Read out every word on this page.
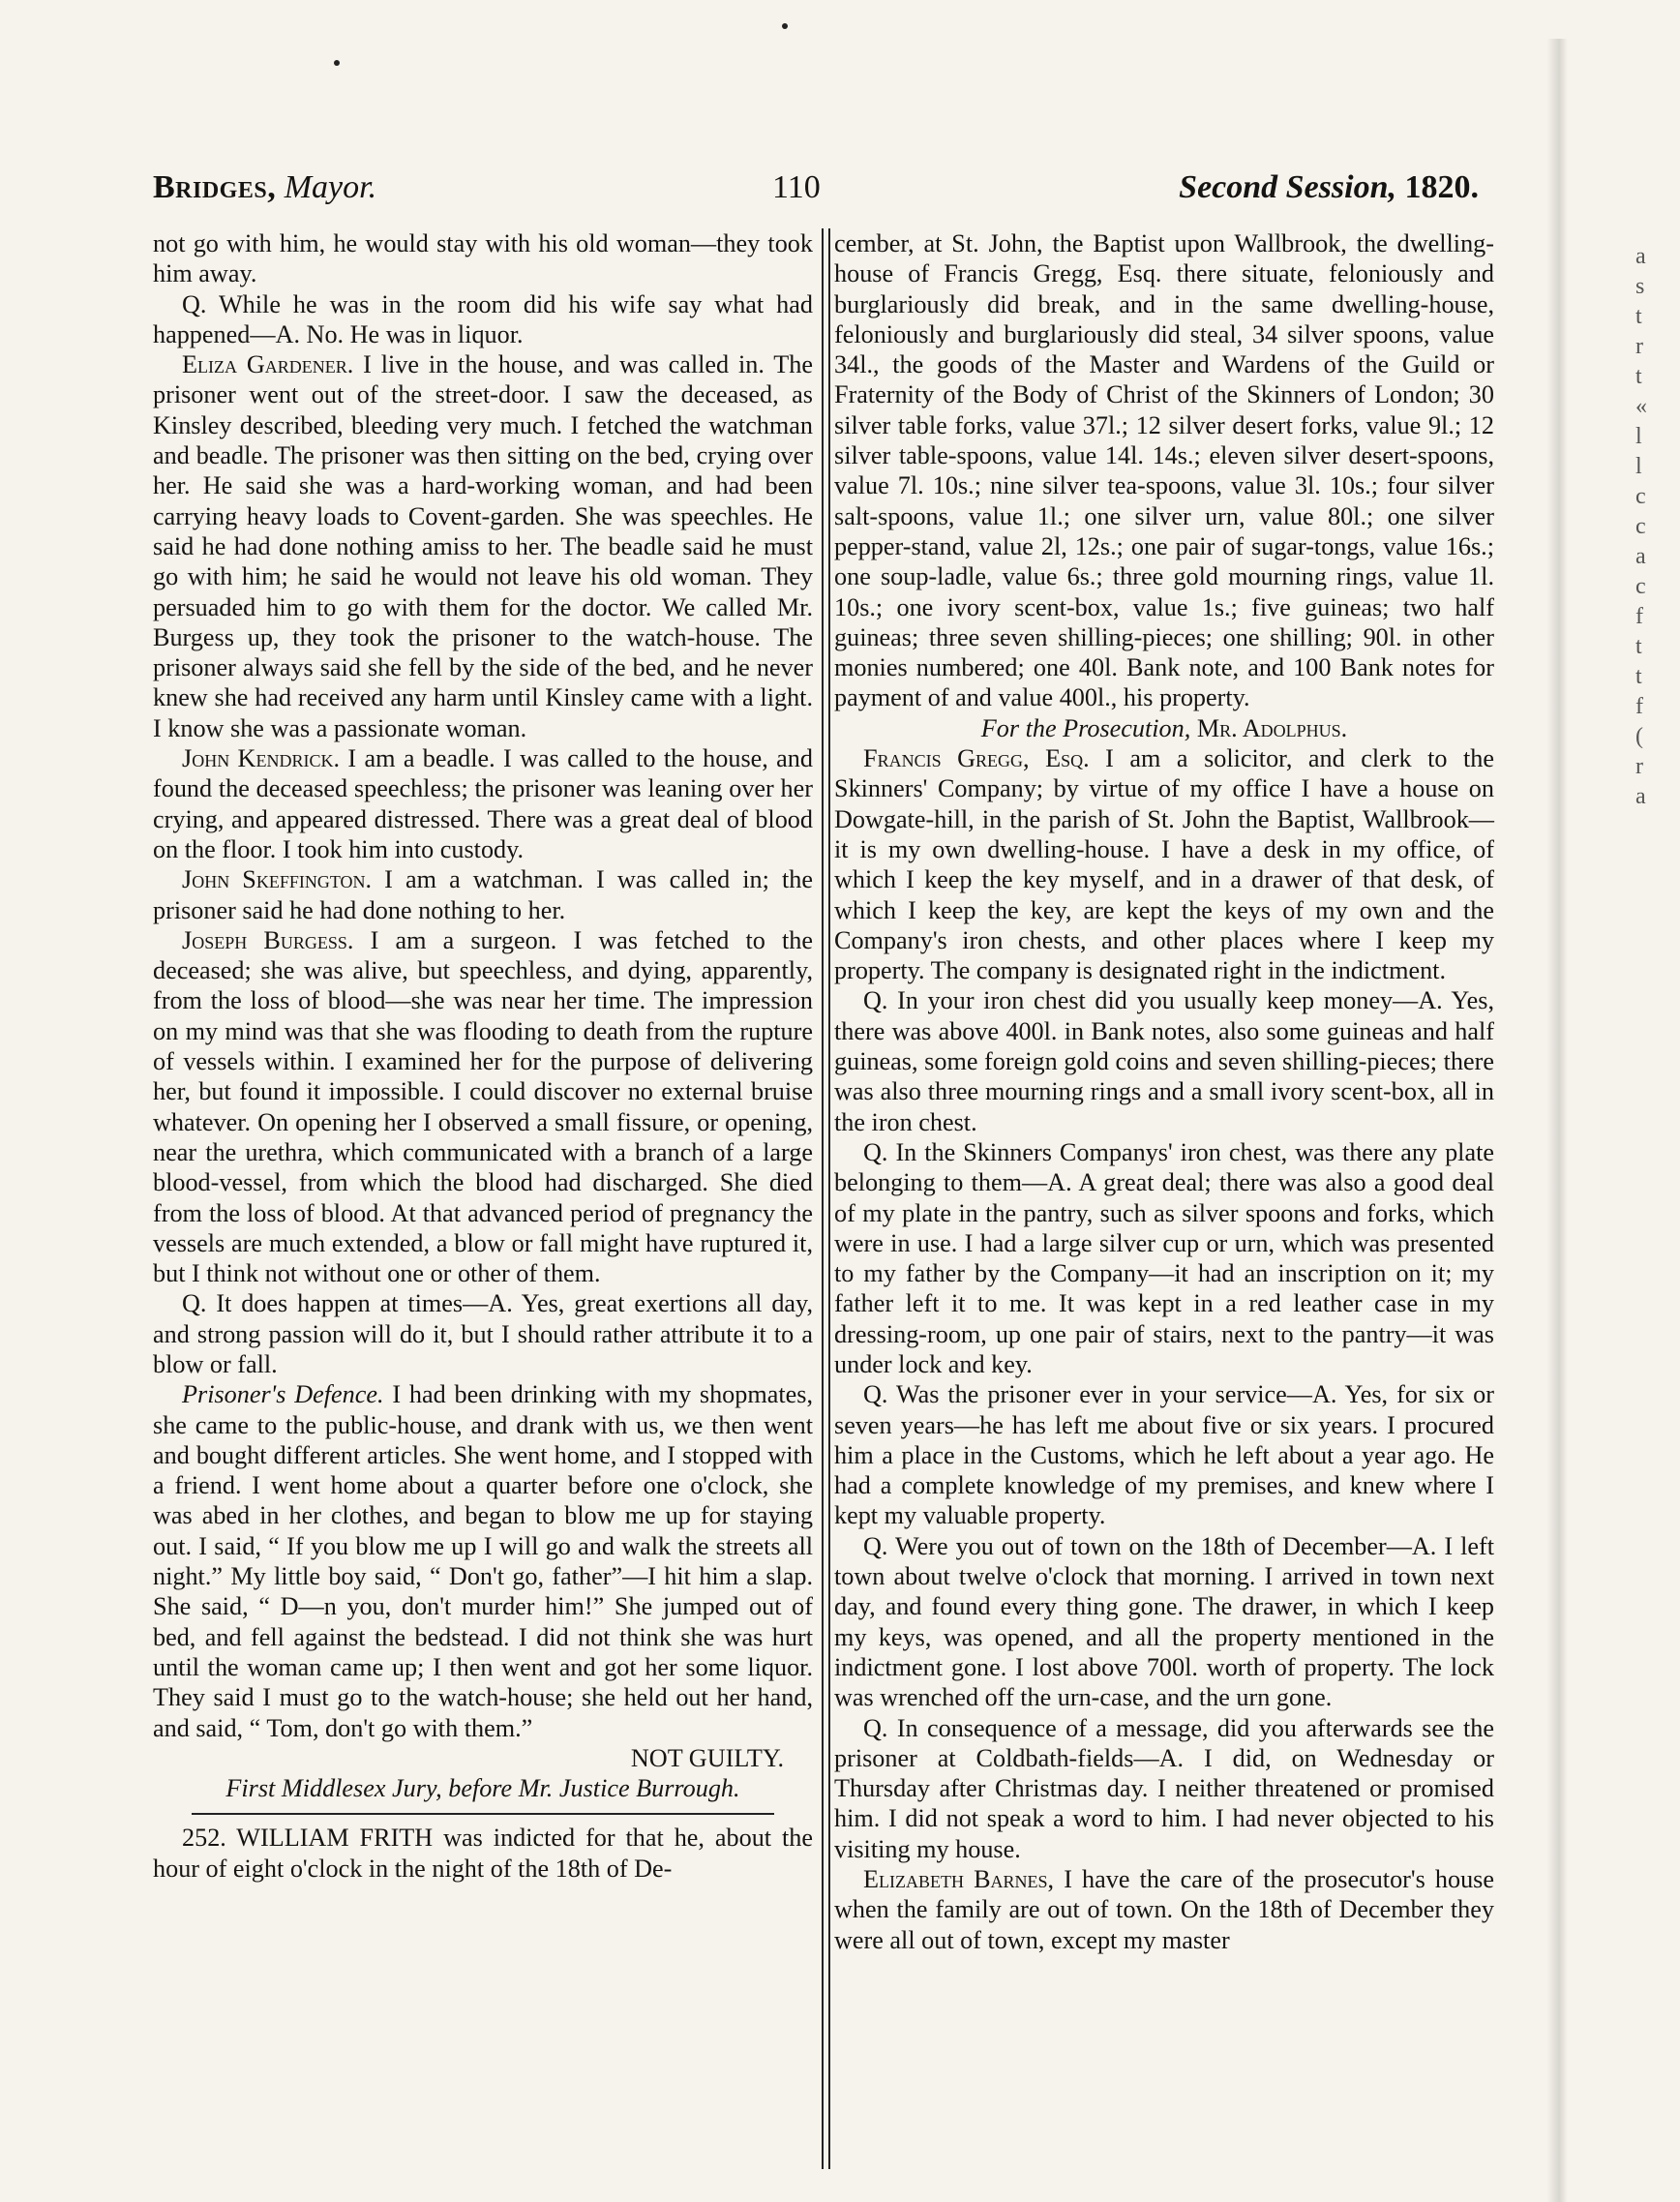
Bridges, Mayor.	110	Second Session, 1820.

not go with him, he would stay with his old woman—they took him away.

Q. While he was in the room did his wife say what had happened—A. No. He was in liquor.

Eliza Gardener. I live in the house, and was called in. The prisoner went out of the street-door. I saw the deceased, as Kinsley described, bleeding very much. I fetched the watchman and beadle. The prisoner was then sitting on the bed, crying over her. He said she was a hard-working woman, and had been carrying heavy loads to Covent-garden. She was speechles. He said he had done nothing amiss to her. The beadle said he must go with him; he said he would not leave his old woman. They persuaded him to go with them for the doctor. We called Mr. Burgess up, they took the prisoner to the watch-house. The prisoner always said she fell by the side of the bed, and he never knew she had received any harm until Kinsley came with a light. I know she was a passionate woman.

John Kendrick. I am a beadle. I was called to the house, and found the deceased speechless; the prisoner was leaning over her crying, and appeared distressed. There was a great deal of blood on the floor. I took him into custody.

John Skeffington. I am a watchman. I was called in; the prisoner said he had done nothing to her.

Joseph Burgess. I am a surgeon. I was fetched to the deceased; she was alive, but speechless, and dying, apparently, from the loss of blood—she was near her time. The impression on my mind was that she was flooding to death from the rupture of vessels within. I examined her for the purpose of delivering her, but found it impossible. I could discover no external bruise whatever. On opening her I observed a small fissure, or opening, near the urethra, which communicated with a branch of a large blood-vessel, from which the blood had discharged. She died from the loss of blood. At that advanced period of pregnancy the vessels are much extended, a blow or fall might have ruptured it, but I think not without one or other of them.

Q. It does happen at times—A. Yes, great exertions all day, and strong passion will do it, but I should rather attribute it to a blow or fall.

Prisoner's Defence. I had been drinking with my shopmates, she came to the public-house, and drank with us, we then went and bought different articles. She went home, and I stopped with a friend. I went home about a quarter before one o'clock, she was abed in her clothes, and began to blow me up for staying out. I said, “ If you blow me up I will go and walk the streets all night.” My little boy said, “ Don't go, father”—I hit him a slap. She said, “ D—n you, don't murder him!” She jumped out of bed, and fell against the bedstead. I did not think she was hurt until the woman came up; I then went and got her some liquor. They said I must go to the watch-house; she held out her hand, and said, “ Tom, don't go with them.”

NOT GUILTY.

First Middlesex Jury, before Mr. Justice Burrough.

252. WILLIAM FRITH was indicted for that he, about the hour of eight o'clock in the night of the 18th of De-

cember, at St. John, the Baptist upon Wallbrook, the dwelling-house of Francis Gregg, Esq. there situate, feloniously and burglariously did break, and in the same dwelling-house, feloniously and burglariously did steal, 34 silver spoons, value 34l., the goods of the Master and Wardens of the Guild or Fraternity of the Body of Christ of the Skinners of London; 30 silver table forks, value 37l.; 12 silver desert forks, value 9l.; 12 silver table-spoons, value 14l. 14s.; eleven silver desert-spoons, value 7l. 10s.; nine silver tea-spoons, value 3l. 10s.; four silver salt-spoons, value 1l.; one silver urn, value 80l.; one silver pepper-stand, value 2l, 12s.; one pair of sugar-tongs, value 16s.; one soup-ladle, value 6s.; three gold mourning rings, value 1l. 10s.; one ivory scent-box, value 1s.; five guineas; two half guineas; three seven shilling-pieces; one shilling; 90l. in other monies numbered; one 40l. Bank note, and 100 Bank notes for payment of and value 400l., his property.

For the Prosecution, Mr. Adolphus.

Francis Gregg, Esq. I am a solicitor, and clerk to the Skinners' Company; by virtue of my office I have a house on Dowgate-hill, in the parish of St. John the Baptist, Wallbrook—it is my own dwelling-house. I have a desk in my office, of which I keep the key myself, and in a drawer of that desk, of which I keep the key, are kept the keys of my own and the Company's iron chests, and other places where I keep my property. The company is designated right in the indictment.

Q. In your iron chest did you usually keep money—A. Yes, there was above 400l. in Bank notes, also some guineas and half guineas, some foreign gold coins and seven shilling-pieces; there was also three mourning rings and a small ivory scent-box, all in the iron chest.

Q. In the Skinners Companys' iron chest, was there any plate belonging to them—A. A great deal; there was also a good deal of my plate in the pantry, such as silver spoons and forks, which were in use. I had a large silver cup or urn, which was presented to my father by the Company—it had an inscription on it; my father left it to me. It was kept in a red leather case in my dressing-room, up one pair of stairs, next to the pantry—it was under lock and key.

Q. Was the prisoner ever in your service—A. Yes, for six or seven years—he has left me about five or six years. I procured him a place in the Customs, which he left about a year ago. He had a complete knowledge of my premises, and knew where I kept my valuable property.

Q. Were you out of town on the 18th of December—A. I left town about twelve o'clock that morning. I arrived in town next day, and found every thing gone. The drawer, in which I keep my keys, was opened, and all the property mentioned in the indictment gone. I lost above 700l. worth of property. The lock was wrenched off the urn-case, and the urn gone.

Q. In consequence of a message, did you afterwards see the prisoner at Coldbath-fields—A. I did, on Wednesday or Thursday after Christmas day. I neither threatened or promised him. I did not speak a word to him. I had never objected to his visiting my house.

Elizabeth Barnes, I have the care of the prosecutor's house when the family are out of town. On the 18th of December they were all out of town, except my master

a
s
t
r
t
«
l
l
c
c
a
c
f
t
t
f
(
r
a
